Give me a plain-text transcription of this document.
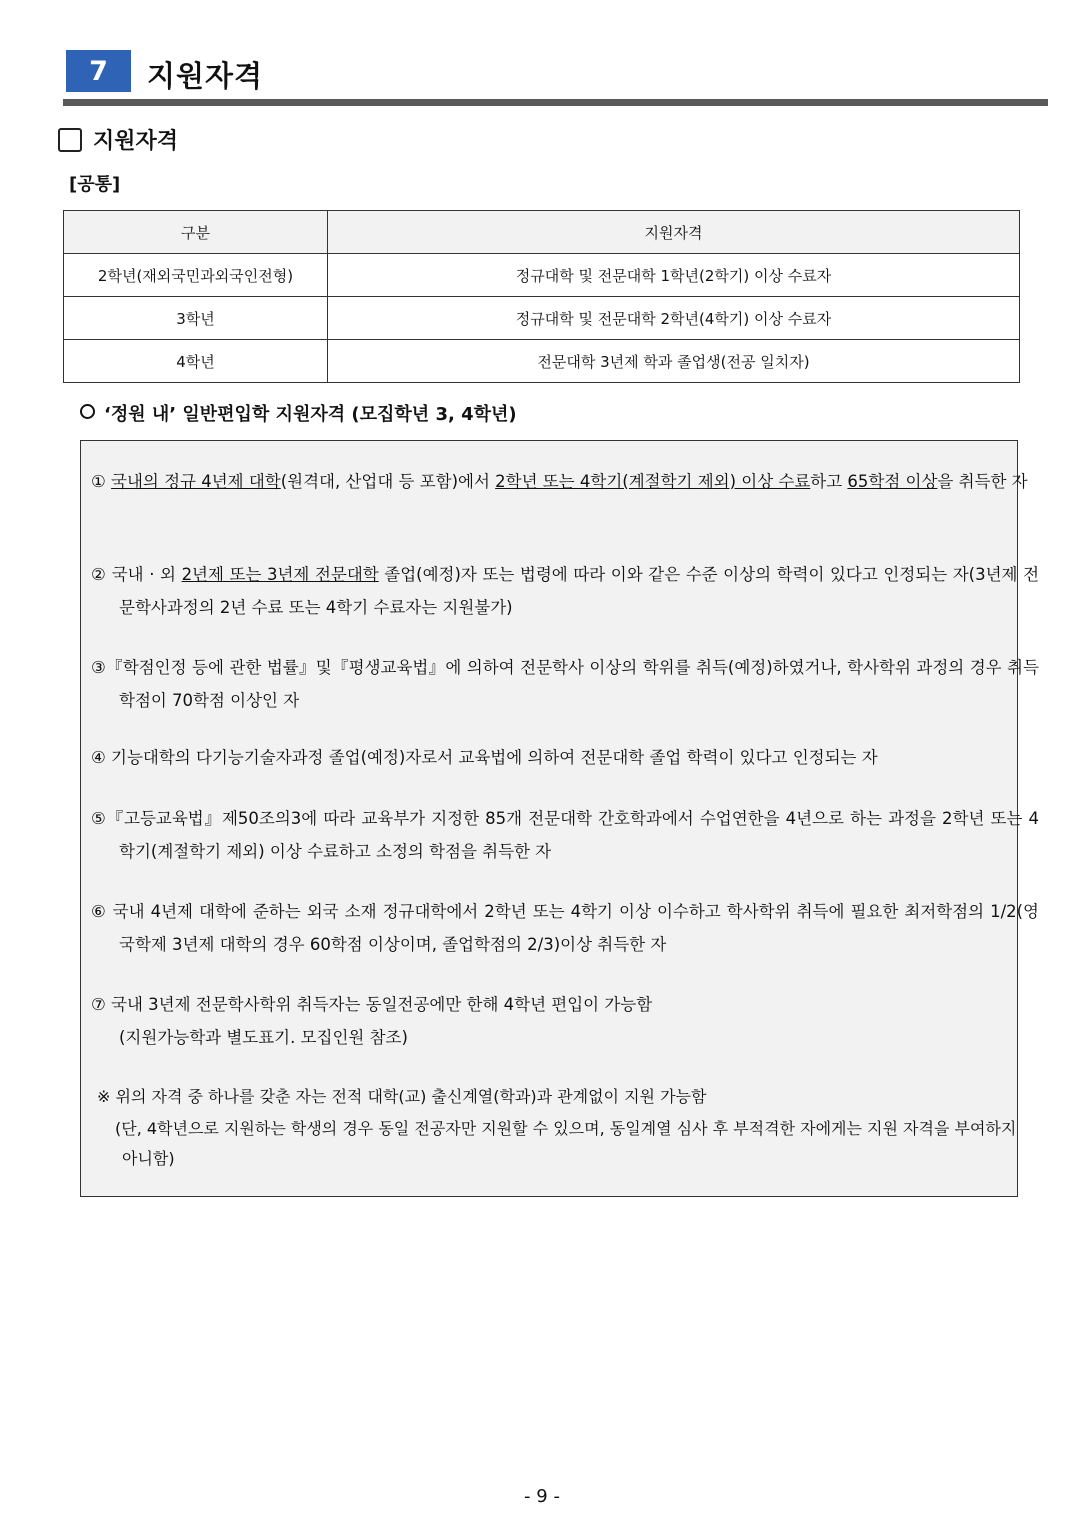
7	지원자격
지원자격
[공통]
구분	지원자격
2학년(재외국민과외국인전형)	정규대학 및 전문대학 1학년(2학기) 이상 수료자
3학년	정규대학 및 전문대학 2학년(4학기) 이상 수료자
4학년	전문대학 3년제 학과 졸업생(전공 일치자)
‘정원 내’ 일반편입학 지원자격 (모집학년 3, 4학년)
① 국내의 정규 4년제 대학(원격대, 산업대 등 포함)에서 2학년 또는 4학기(계절학기 제외) 이상 수료하고 65학점 이상을 취득한 자
② 국내 · 외 2년제 또는 3년제 전문대학 졸업(예정)자 또는 법령에 따라 이와 같은 수준 이상의 학력이 있다고 인정되는 자(3년제 전문학사과정의 2년 수료 또는 4학기 수료자는 지원불가)
③『학점인정 등에 관한 법률』및『평생교육법』에 의하여 전문학사 이상의 학위를 취득(예정)하였거나, 학사학위 과정의 경우 취득학점이 70학점 이상인 자
④ 기능대학의 다기능기술자과정 졸업(예정)자로서 교육법에 의하여 전문대학 졸업 학력이 있다고 인정되는 자
⑤『고등교육법』제50조의3에 따라 교육부가 지정한 85개 전문대학 간호학과에서 수업연한을 4년으로 하는 과정을 2학년 또는 4학기(계절학기 제외) 이상 수료하고 소정의 학점을 취득한 자
⑥ 국내 4년제 대학에 준하는 외국 소재 정규대학에서 2학년 또는 4학기 이상 이수하고 학사학위 취득에 필요한 최저학점의 1/2(영국학제 3년제 대학의 경우 60학점 이상이며, 졸업학점의 2/3)이상 취득한 자
⑦ 국내 3년제 전문학사학위 취득자는 동일전공에만 한해 4학년 편입이 가능함
(지원가능학과 별도표기. 모집인원 참조)
※ 위의 자격 중 하나를 갖춘 자는 전적 대학(교) 출신계열(학과)과 관계없이 지원 가능함
(단, 4학년으로 지원하는 학생의 경우 동일 전공자만 지원할 수 있으며, 동일계열 심사 후 부적격한 자에게는 지원 자격을 부여하지 아니함)
- 9 -
